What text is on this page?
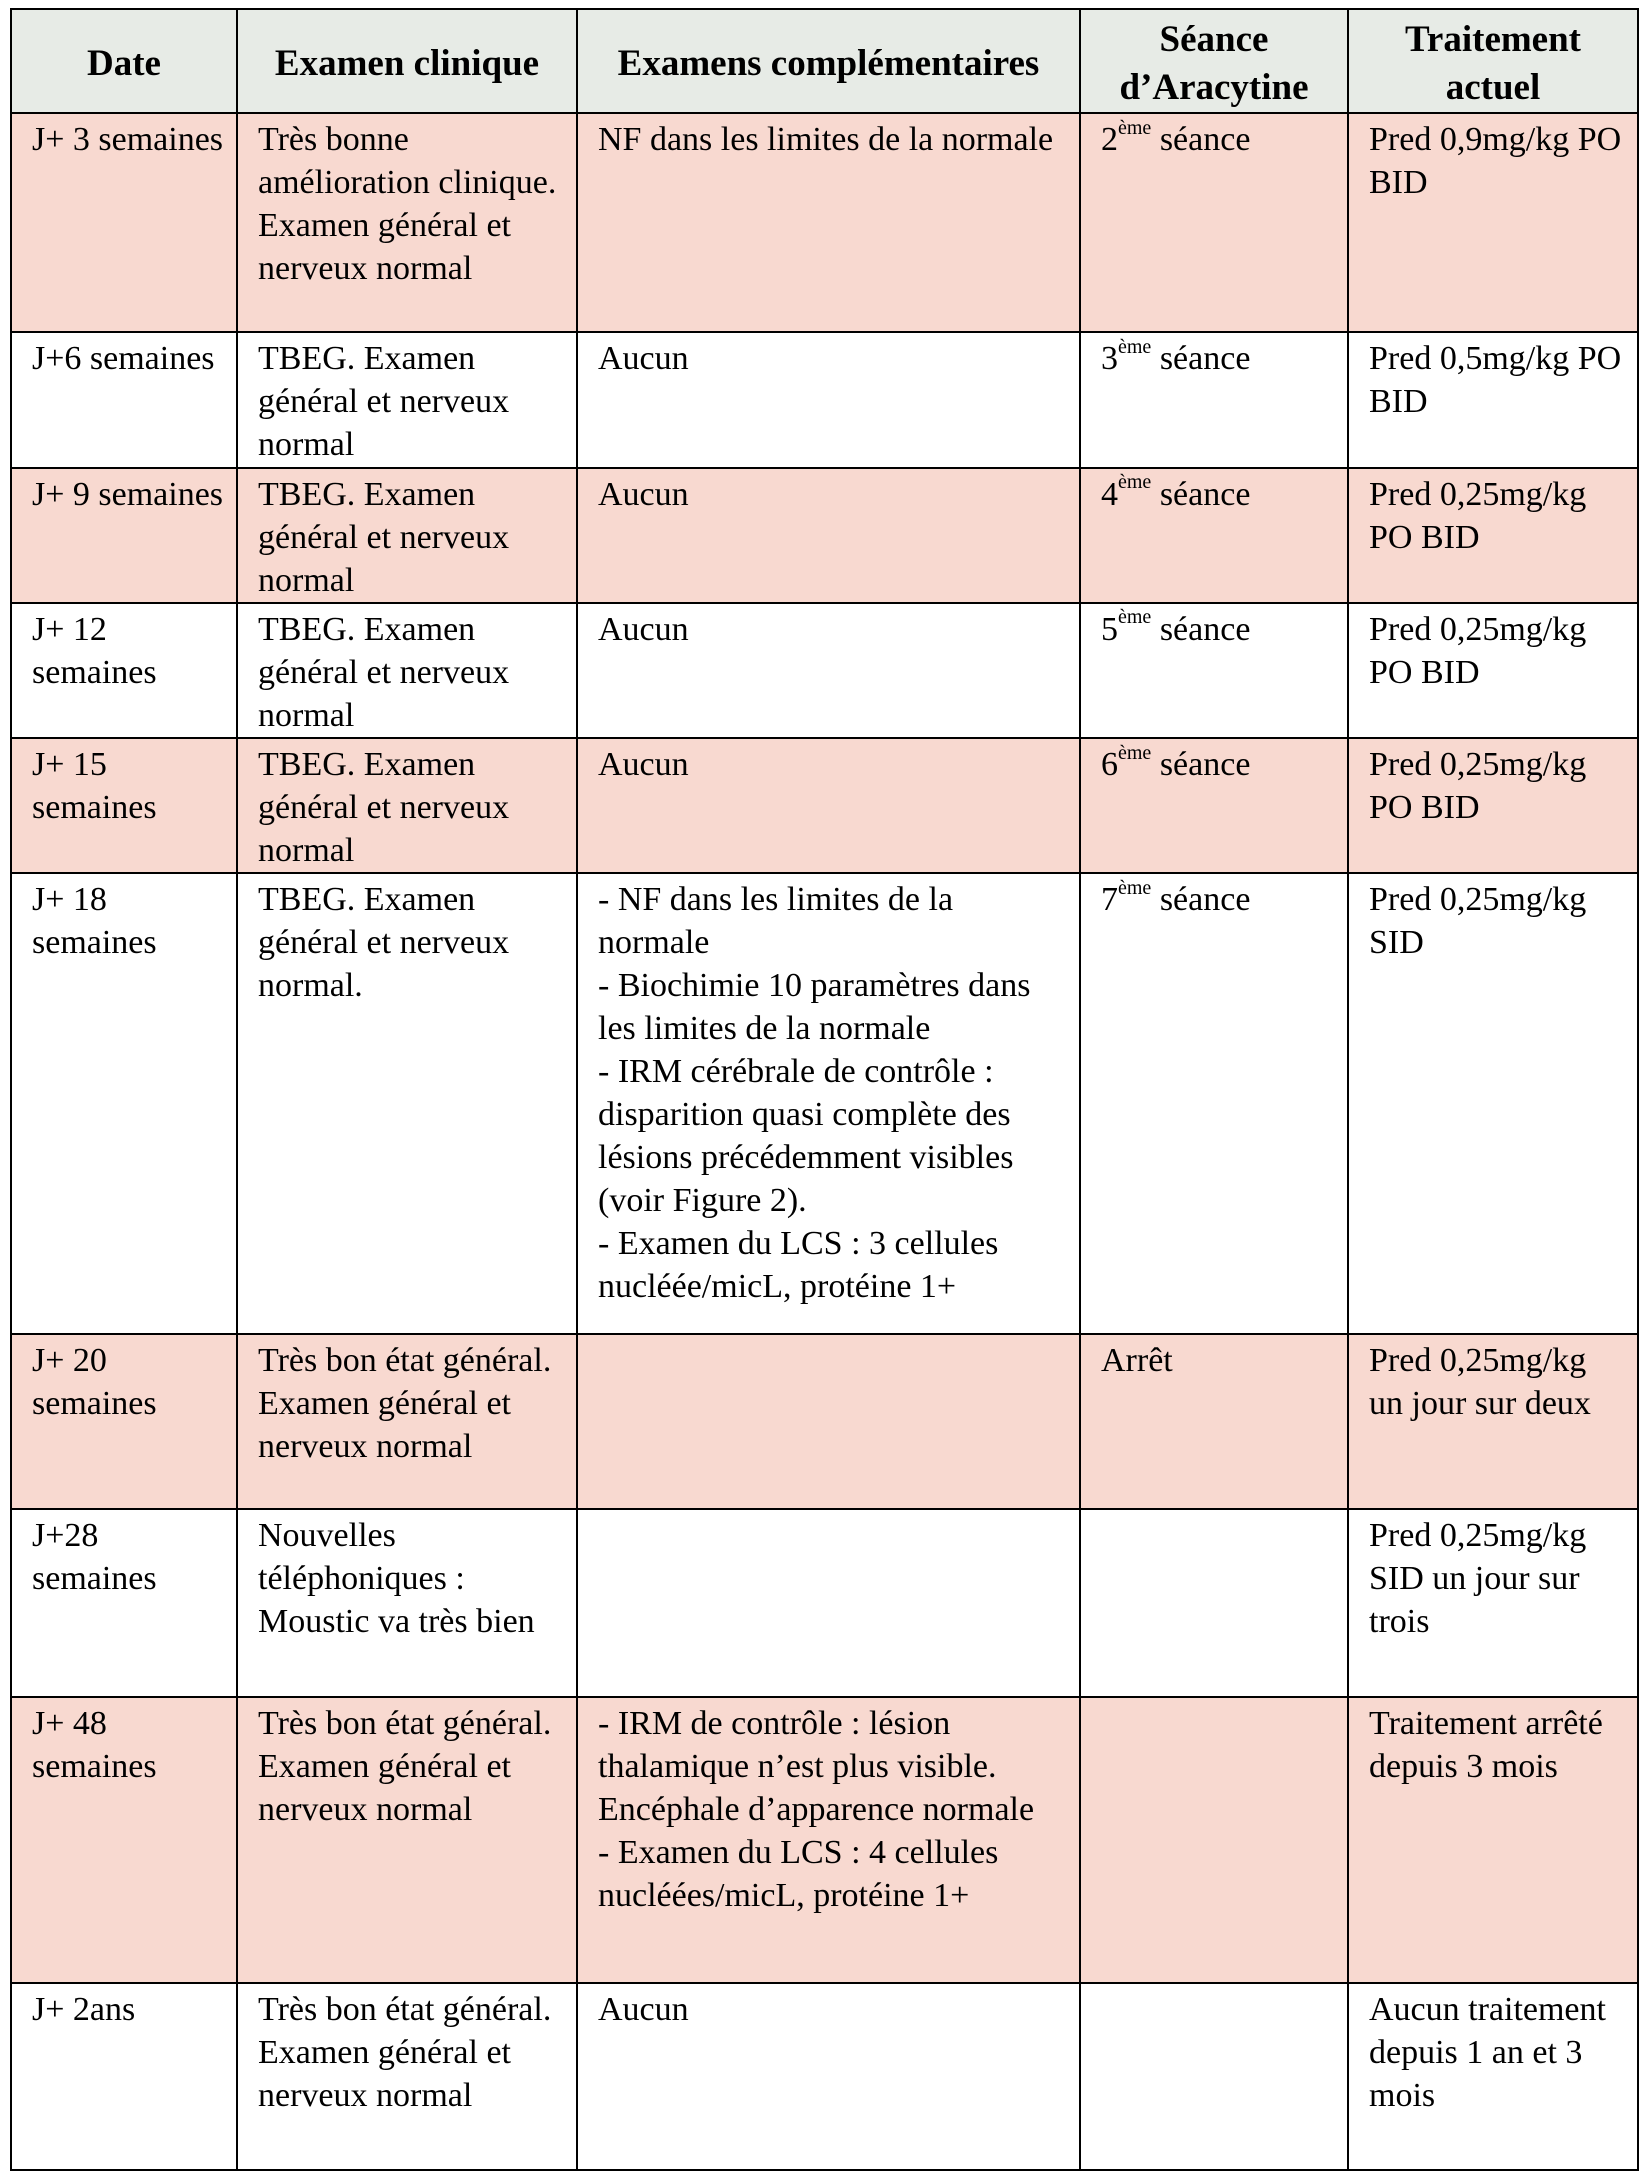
Date	Examen clinique	Examens complémentaires	Séance d’Aracytine	Traitement actuel
J+ 3 semaines	Très bonne amélioration clinique. Examen général et nerveux normal	NF dans les limites de la normale	2ème séance	Pred 0,9mg/kg PO BID
J+6 semaines	TBEG. Examen général et nerveux normal	Aucun	3ème séance	Pred 0,5mg/kg PO BID
J+ 9 semaines	TBEG. Examen général et nerveux normal	Aucun	4ème séance	Pred 0,25mg/kg PO BID
J+ 12 semaines	TBEG. Examen général et nerveux normal	Aucun	5ème séance	Pred 0,25mg/kg PO BID
J+ 15 semaines	TBEG. Examen général et nerveux normal	Aucun	6ème séance	Pred 0,25mg/kg PO BID
J+ 18 semaines	TBEG. Examen général et nerveux normal.	- NF dans les limites de la normale
- Biochimie 10 paramètres dans les limites de la normale
- IRM cérébrale de contrôle : disparition quasi complète des lésions précédemment visibles (voir Figure 2).
- Examen du LCS : 3 cellules nucléée/micL, protéine 1+	7ème séance	Pred 0,25mg/kg SID
J+ 20 semaines	Très bon état général. Examen général et nerveux normal		Arrêt	Pred 0,25mg/kg un jour sur deux
J+28 semaines	Nouvelles téléphoniques : Moustic va très bien			Pred 0,25mg/kg SID un jour sur trois
J+ 48 semaines	Très bon état général. Examen général et nerveux normal	- IRM de contrôle : lésion thalamique n’est plus visible. Encéphale d’apparence normale
- Examen du LCS : 4 cellules nucléées/micL, protéine 1+		Traitement arrêté depuis 3 mois
J+ 2ans	Très bon état général. Examen général et nerveux normal	Aucun		Aucun traitement depuis 1 an et 3 mois
